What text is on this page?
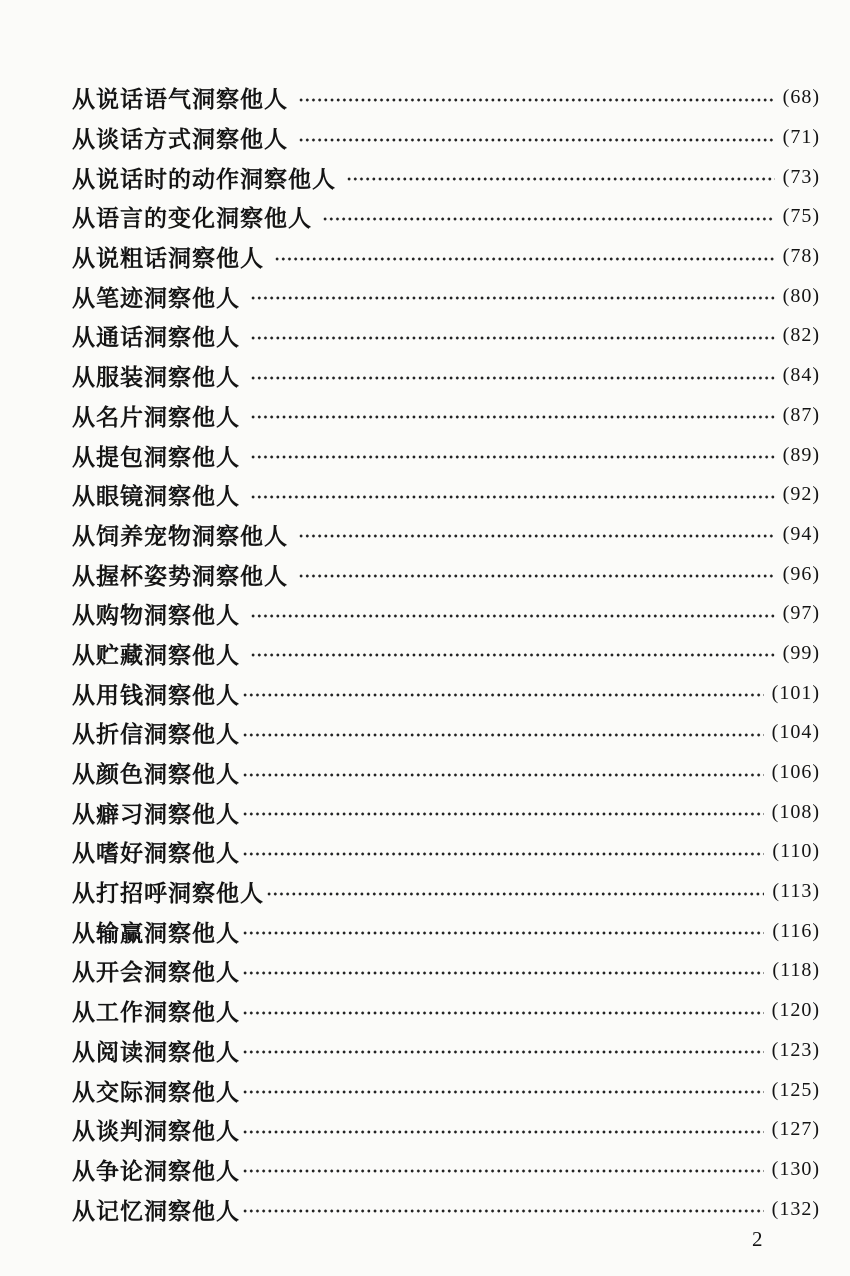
从说话语气洞察他人	(68)
从谈话方式洞察他人	(71)
从说话时的动作洞察他人	(73)
从语言的变化洞察他人	(75)
从说粗话洞察他人	(78)
从笔迹洞察他人	(80)
从通话洞察他人	(82)
从服装洞察他人	(84)
从名片洞察他人	(87)
从提包洞察他人	(89)
从眼镜洞察他人	(92)
从饲养宠物洞察他人	(94)
从握杯姿势洞察他人	(96)
从购物洞察他人	(97)
从贮藏洞察他人	(99)
从用钱洞察他人	(101)
从折信洞察他人	(104)
从颜色洞察他人	(106)
从癖习洞察他人	(108)
从嗜好洞察他人	(110)
从打招呼洞察他人	(113)
从输赢洞察他人	(116)
从开会洞察他人	(118)
从工作洞察他人	(120)
从阅读洞察他人	(123)
从交际洞察他人	(125)
从谈判洞察他人	(127)
从争论洞察他人	(130)
从记忆洞察他人	(132)
2
